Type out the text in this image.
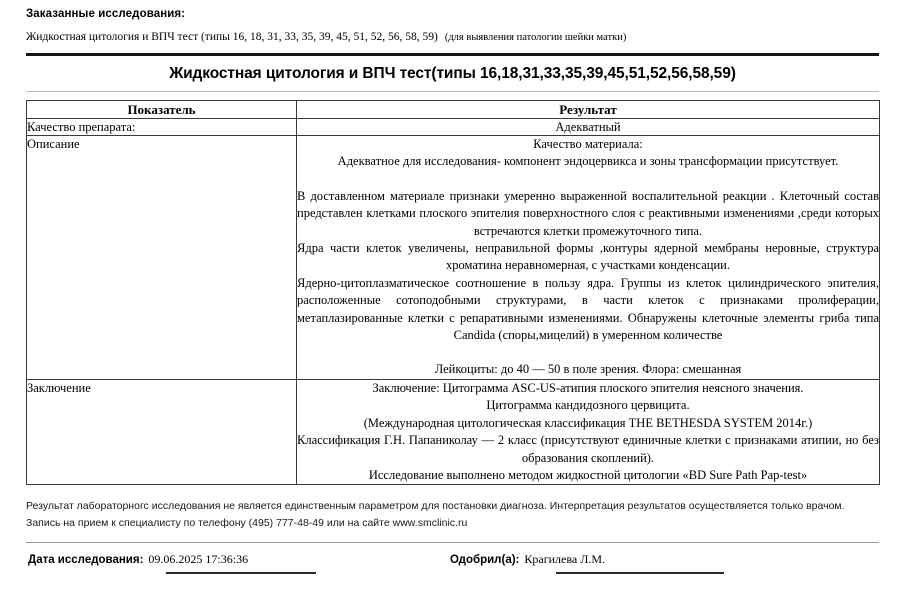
Заказанные исследования:
Жидкостная цитология и ВПЧ тест (типы 16, 18, 31, 33, 35, 39, 45, 51, 52, 56, 58, 59) (для выявления патологии шейки матки)
Жидкостная цитология и ВПЧ тест(типы 16,18,31,33,35,39,45,51,52,56,58,59)
Показатель	Результат
Качество препарата:	Адекватный
Описание	Качество материала:

Адекватное для исследования- компонент эндоцервикса и зоны трансформации присутствует.

В доставленном материале признаки умеренно выраженной воспалительной реакции . Клеточный состав представлен клетками плоского эпителия поверхностного слоя с реактивными изменениями ,среди которых встречаются клетки промежуточного типа.

Ядра части клеток увеличены, неправильной формы ,контуры ядерной мембраны неровные, структура хроматина неравномерная, с участками конденсации.

Ядерно-цитоплазматическое соотношение в пользу ядра. Группы из клеток цилиндрического эпителия, расположенные сотоподобными структурами, в части клеток с признаками пролиферации, метаплазированные клетки с репаративными изменениями. Обнаружены клеточные элементы гриба типа Candida (споры,мицелий) в умеренном количестве

Лейкоциты: до 40 — 50 в поле зрения. Флора: смешанная

Заключение	Заключение: Цитограмма ASC-US-атипия плоского эпителия неясного значения.

Цитограмма кандидозного цервицита.

(Международная цитологическая классификация THE BETHESDA SYSTEM 2014г.)

Классификация Г.Н. Папаниколау — 2 класс (присутствуют единичные клетки с признаками атипии, но без образования скоплений).

Исследование выполнено методом жидкостной цитологии «BD Sure Path Pap-test»

Результат лабораторногс исследования не является единственным параметром для постановки диагноза. Интерпретация результатов осуществляется только врачом. Запись на прием к специалисту по телефону (495) 777-48-49 или на сайте www.smclinic.ru
Дата исследования: 09.06.2025 17:36:36	Одобрил(а): Крагилева Л.М.
